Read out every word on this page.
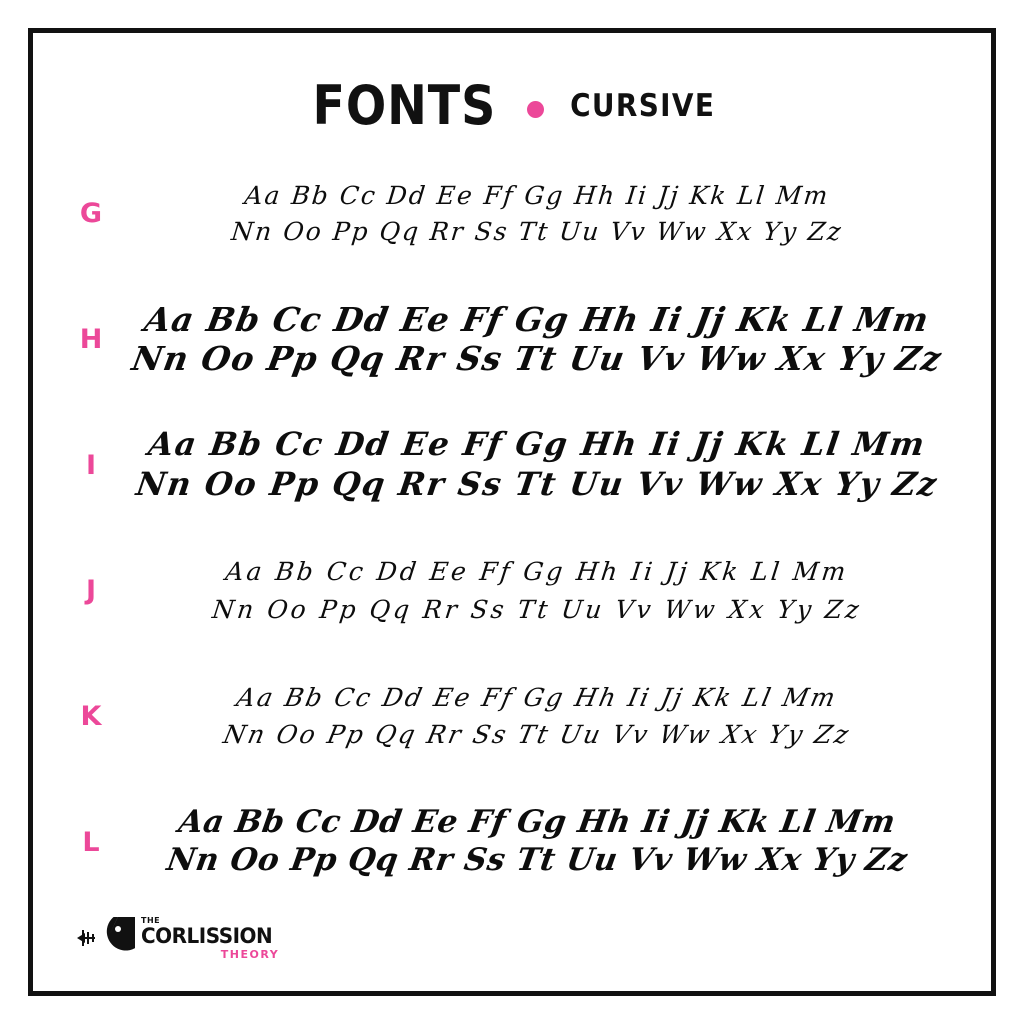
FONTS CURSIVE
G
Aa Bb Cc Dd Ee Ff Gg Hh Ii Jj Kk Ll Mm
Nn Oo Pp Qq Rr Ss Tt Uu Vv Ww Xx Yy Zz
H
Aa Bb Cc Dd Ee Ff Gg Hh Ii Jj Kk Ll Mm
Nn Oo Pp Qq Rr Ss Tt Uu Vv Ww Xx Yy Zz
I
Aa Bb Cc Dd Ee Ff Gg Hh Ii Jj Kk Ll Mm
Nn Oo Pp Qq Rr Ss Tt Uu Vv Ww Xx Yy Zz
J
Aa Bb Cc Dd Ee Ff Gg Hh Ii Jj Kk Ll Mm
Nn Oo Pp Qq Rr Ss Tt Uu Vv Ww Xx Yy Zz
K
Aa Bb Cc Dd Ee Ff Gg Hh Ii Jj Kk Ll Mm
Nn Oo Pp Qq Rr Ss Tt Uu Vv Ww Xx Yy Zz
L
Aa Bb Cc Dd Ee Ff Gg Hh Ii Jj Kk Ll Mm
Nn Oo Pp Qq Rr Ss Tt Uu Vv Ww Xx Yy Zz
THE
CORLISSION
THEORY
